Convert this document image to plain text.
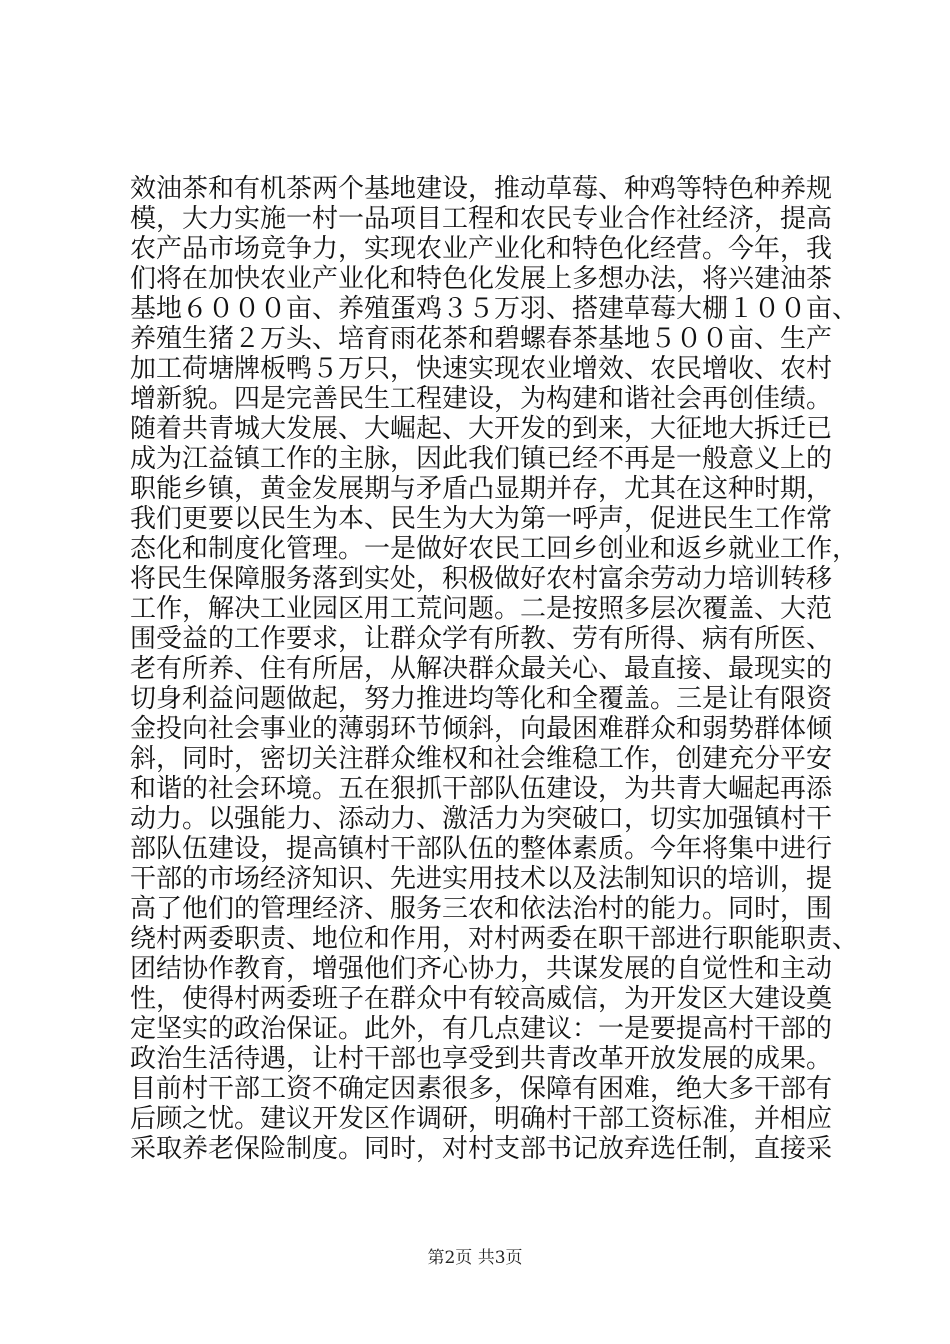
效油茶和有机茶两个基地建设，推动草莓、种鸡等特色种养规
模，大力实施一村一品项目工程和农民专业合作社经济，提高
农产品市场竞争力，实现农业产业化和特色化经营。今年，我
们将在加快农业产业化和特色化发展上多想办法，将兴建油茶
基地６０００亩、养殖蛋鸡３５万羽、搭建草莓大棚１００亩、
养殖生猪２万头、培育雨花茶和碧螺春茶基地５００亩、生产
加工荷塘牌板鸭５万只，快速实现农业增效、农民增收、农村
增新貌。四是完善民生工程建设，为构建和谐社会再创佳绩。
随着共青城大发展、大崛起、大开发的到来，大征地大拆迁已
成为江益镇工作的主脉，因此我们镇已经不再是一般意义上的
职能乡镇，黄金发展期与矛盾凸显期并存，尤其在这种时期，
我们更要以民生为本、民生为大为第一呼声，促进民生工作常
态化和制度化管理。一是做好农民工回乡创业和返乡就业工作，
将民生保障服务落到实处，积极做好农村富余劳动力培训转移
工作，解决工业园区用工荒问题。二是按照多层次覆盖、大范
围受益的工作要求，让群众学有所教、劳有所得、病有所医、
老有所养、住有所居，从解决群众最关心、最直接、最现实的
切身利益问题做起，努力推进均等化和全覆盖。三是让有限资
金投向社会事业的薄弱环节倾斜，向最困难群众和弱势群体倾
斜，同时，密切关注群众维权和社会维稳工作，创建充分平安
和谐的社会环境。五在狠抓干部队伍建设，为共青大崛起再添
动力。以强能力、添动力、激活力为突破口，切实加强镇村干
部队伍建设，提高镇村干部队伍的整体素质。今年将集中进行
干部的市场经济知识、先进实用技术以及法制知识的培训，提
高了他们的管理经济、服务三农和依法治村的能力。同时，围
绕村两委职责、地位和作用，对村两委在职干部进行职能职责、
团结协作教育，增强他们齐心协力，共谋发展的自觉性和主动
性，使得村两委班子在群众中有较高威信，为开发区大建设奠
定坚实的政治保证。此外，有几点建议：一是要提高村干部的
政治生活待遇，让村干部也享受到共青改革开放发展的成果。
目前村干部工资不确定因素很多，保障有困难，绝大多干部有
后顾之忧。建议开发区作调研，明确村干部工资标准，并相应
采取养老保险制度。同时，对村支部书记放弃选任制，直接采
第2页 共3页
